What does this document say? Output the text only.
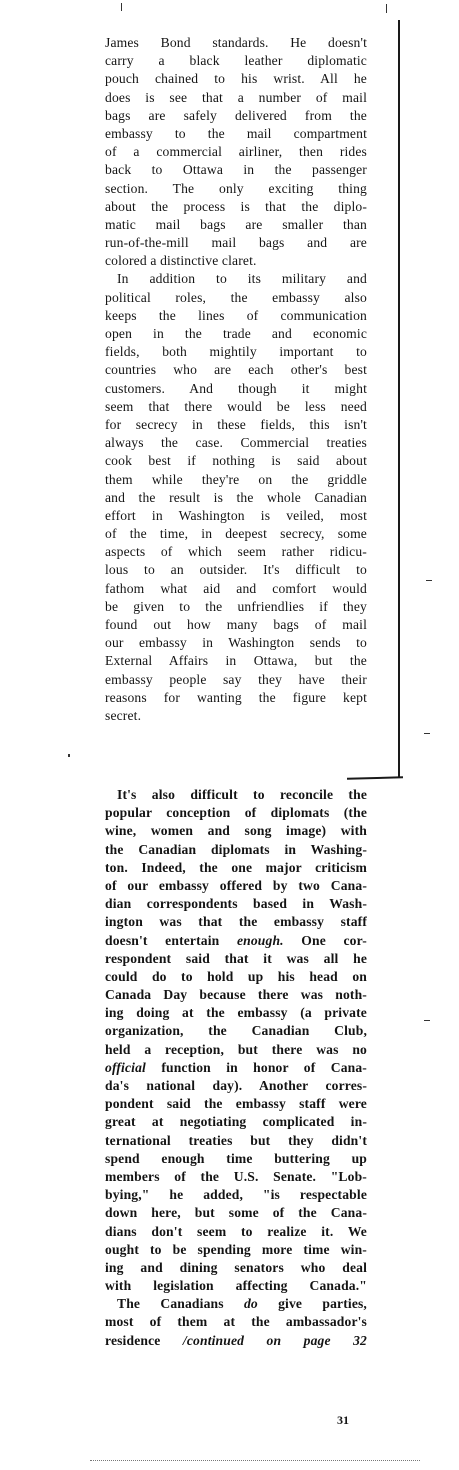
James Bond standards. He doesn't
carry a black leather diplomatic
pouch chained to his wrist. All he
does is see that a number of mail
bags are safely delivered from the
embassy to the mail compartment
of a commercial airliner, then rides
back to Ottawa in the passenger
section. The only exciting thing
about the process is that the diplo-
matic mail bags are smaller than
run-of-the-mill mail bags and are
colored a distinctive claret.
In addition to its military and
political roles, the embassy also
keeps the lines of communication
open in the trade and economic
fields, both mightily important to
countries who are each other's best
customers. And though it might
seem that there would be less need
for secrecy in these fields, this isn't
always the case. Commercial treaties
cook best if nothing is said about
them while they're on the griddle
and the result is the whole Canadian
effort in Washington is veiled, most
of the time, in deepest secrecy, some
aspects of which seem rather ridicu-
lous to an outsider. It's difficult to
fathom what aid and comfort would
be given to the unfriendlies if they
found out how many bags of mail
our embassy in Washington sends to
External Affairs in Ottawa, but the
embassy people say they have their
reasons for wanting the figure kept
secret.
It's also difficult to reconcile the
popular conception of diplomats (the
wine, women and song image) with
the Canadian diplomats in Washing-
ton. Indeed, the one major criticism
of our embassy offered by two Cana-
dian correspondents based in Wash-
ington was that the embassy staff
doesn't entertain enough. One cor-
respondent said that it was all he
could do to hold up his head on
Canada Day because there was noth-
ing doing at the embassy (a private
organization, the Canadian Club,
held a reception, but there was no
official function in honor of Cana-
da's national day). Another corres-
pondent said the embassy staff were
great at negotiating complicated in-
ternational treaties but they didn't
spend enough time buttering up
members of the U.S. Senate. "Lob-
bying," he added, "is respectable
down here, but some of the Cana-
dians don't seem to realize it. We
ought to be spending more time win-
ing and dining senators who deal
with legislation affecting Canada."
The Canadians do give parties,
most of them at the ambassador's
residence /continued on page 32
31
